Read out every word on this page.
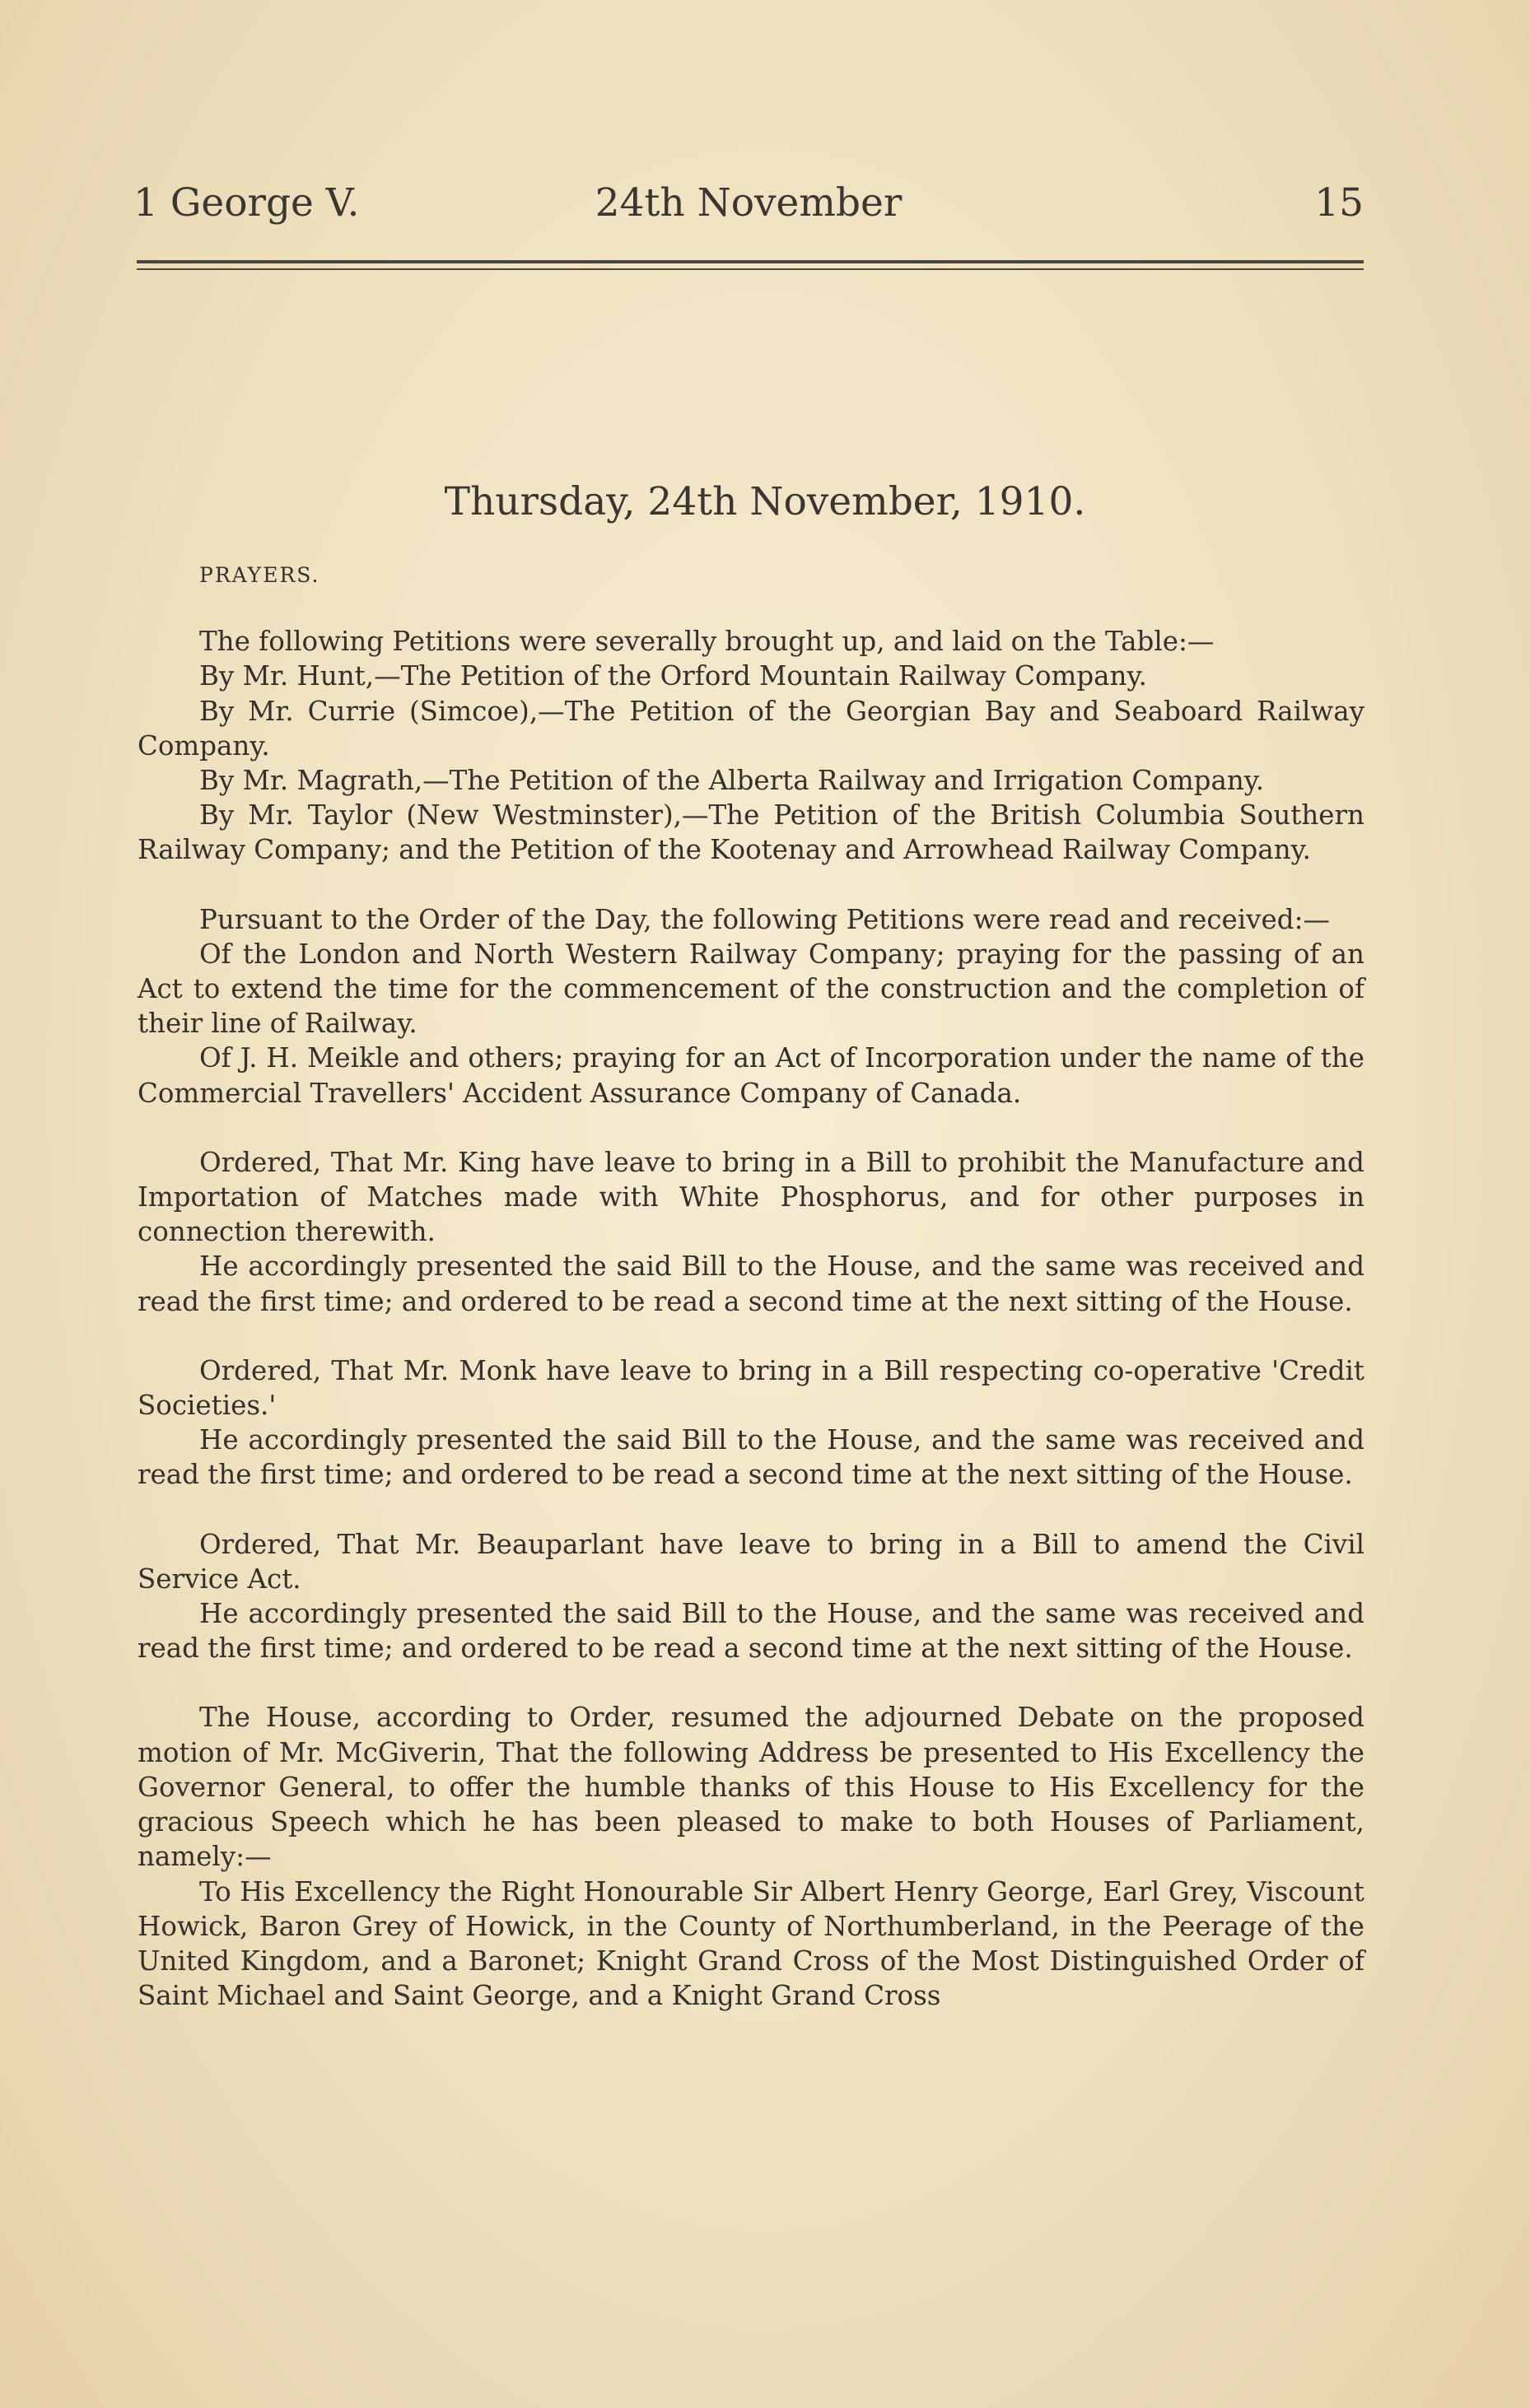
1 George V.	24th November	15
Thursday, 24th November, 1910.

PRAYERS.

The following Petitions were severally brought up, and laid on the Table:—

By Mr. Hunt,—The Petition of the Orford Mountain Railway Company.

By Mr. Currie (Simcoe),—The Petition of the Georgian Bay and Seaboard Railway Company.

By Mr. Magrath,—The Petition of the Alberta Railway and Irrigation Company.

By Mr. Taylor (New Westminster),—The Petition of the British Columbia Southern Railway Company; and the Petition of the Kootenay and Arrowhead Railway Company.

Pursuant to the Order of the Day, the following Petitions were read and received:—

Of the London and North Western Railway Company; praying for the passing of an Act to extend the time for the commencement of the construction and the completion of their line of Railway.

Of J. H. Meikle and others; praying for an Act of Incorporation under the name of the Commercial Travellers' Accident Assurance Company of Canada.

Ordered, That Mr. King have leave to bring in a Bill to prohibit the Manufacture and Importation of Matches made with White Phosphorus, and for other purposes in connection therewith.

He accordingly presented the said Bill to the House, and the same was received and read the first time; and ordered to be read a second time at the next sitting of the House.

Ordered, That Mr. Monk have leave to bring in a Bill respecting co-operative 'Credit Societies.'

He accordingly presented the said Bill to the House, and the same was received and read the first time; and ordered to be read a second time at the next sitting of the House.

Ordered, That Mr. Beauparlant have leave to bring in a Bill to amend the Civil Service Act.

He accordingly presented the said Bill to the House, and the same was received and read the first time; and ordered to be read a second time at the next sitting of the House.

The House, according to Order, resumed the adjourned Debate on the proposed motion of Mr. McGiverin, That the following Address be presented to His Excellency the Governor General, to offer the humble thanks of this House to His Excellency for the gracious Speech which he has been pleased to make to both Houses of Parliament, namely:—

To His Excellency the Right Honourable Sir Albert Henry George, Earl Grey, Viscount Howick, Baron Grey of Howick, in the County of Northumberland, in the Peerage of the United Kingdom, and a Baronet; Knight Grand Cross of the Most Distinguished Order of Saint Michael and Saint George, and a Knight Grand Cross
